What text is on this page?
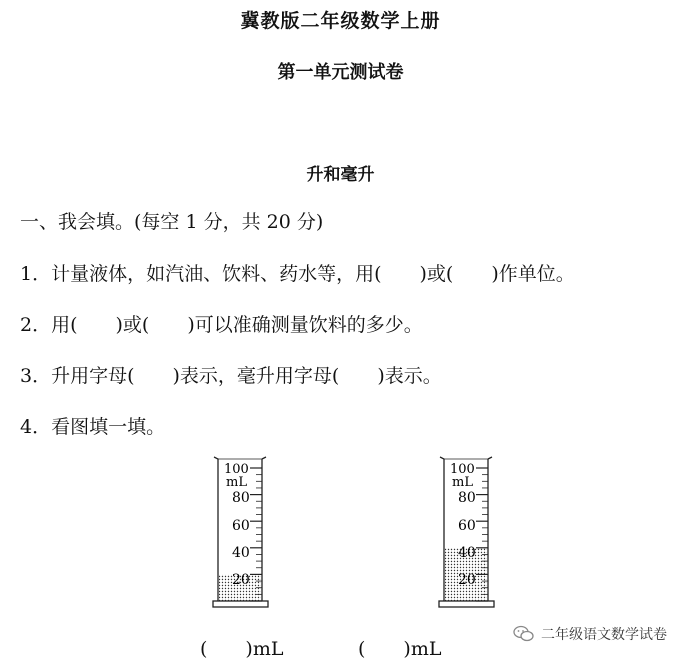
冀教版二年级数学上册
第一单元测试卷
升和毫升
一、我会填。(每空 1 分，共 20 分)
1．计量液体，如汽油、饮料、药水等，用(　　)或(　　)作单位。
2．用(　　)或(　　)可以准确测量饮料的多少。
3．升用字母(　　)表示，毫升用字母(　　)表示。
4．看图填一填。
100
mL
80
60
40
20
100
mL
80
60
40
20
(　　)mL	(　　)mL
二年级语文数学试卷
